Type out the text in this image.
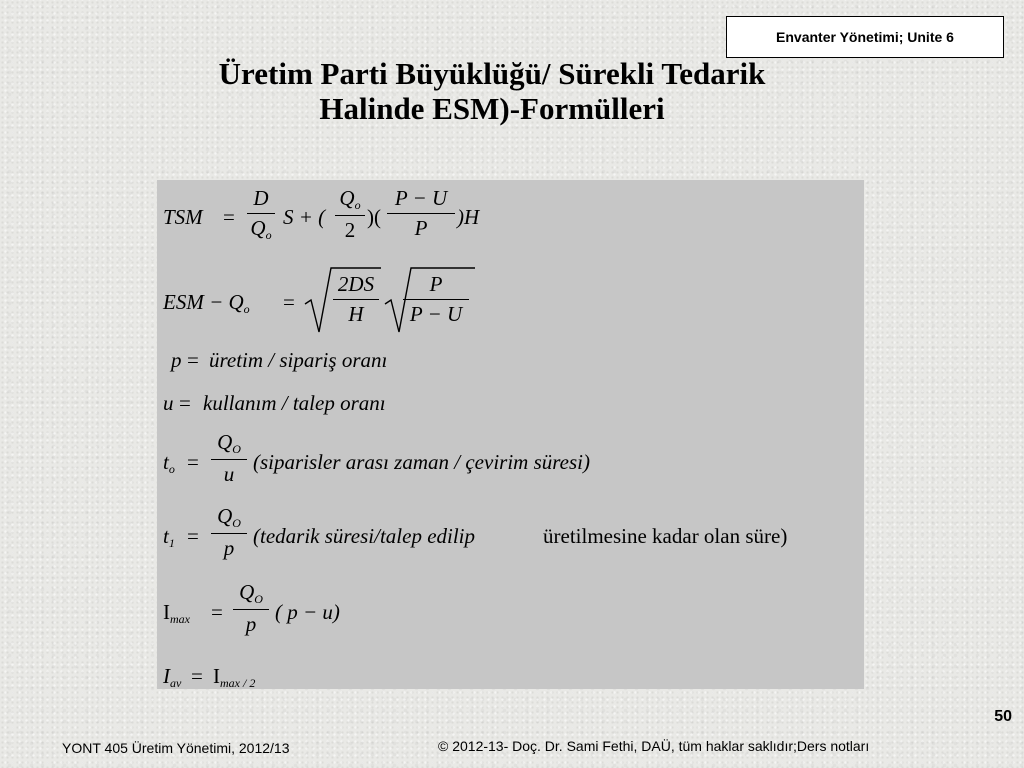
Envanter Yönetimi; Unite 6
Üretim Parti Büyüklüğü/ Sürekli Tedarik
Halinde ESM)-Formülleri
TSM =
D
$Q_o$
S + (
$Q_o$
2
)(
P − U
P	)H
ESM − $Q_o$ =
2DS
H
P
P − U
p = üretim / sipariş oranı
u = kullanım / talep oranı
$t_o$ =
$Q_O$
u (siparisler arası zaman / çevirim süresi)
$t_1$ =
$Q_O$
p (tedarik süresi/talep edilip	üretilmesine kadar olan süre)
$I_{max}$ =
$Q_O$
p ( p − u)
$I_{av} = I_{max / 2}$
50
YONT 405 Üretim Yönetimi, 2012/13	© 2012-13- Doç. Dr. Sami Fethi, DAÜ, tüm haklar saklıdır;Ders notları
